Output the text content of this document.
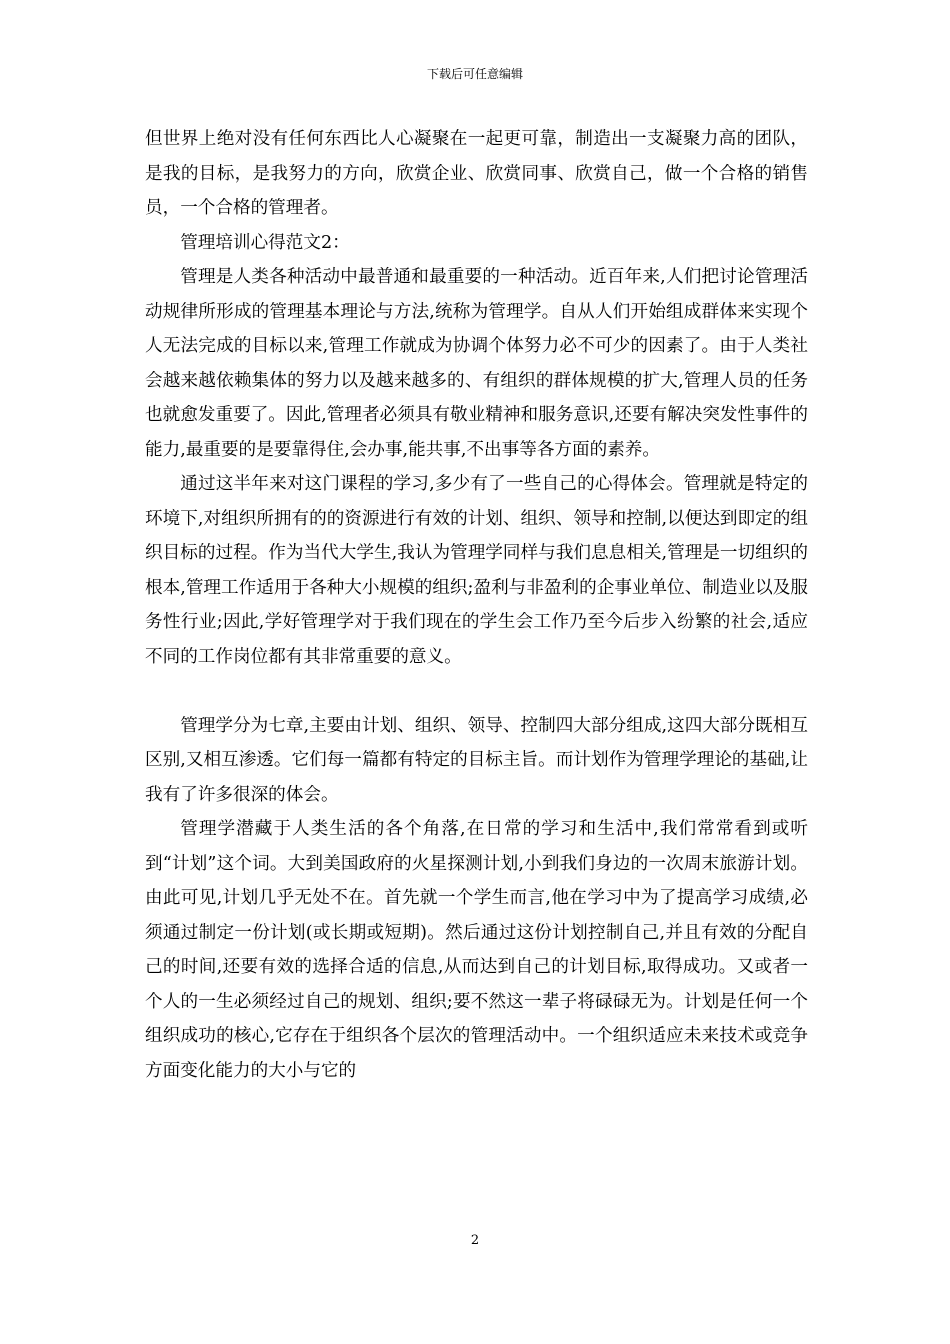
下载后可任意编辑

但世界上绝对没有任何东西比人心凝聚在一起更可靠，制造出一支凝聚力高的团队，是我的目标，是我努力的方向，欣赏企业、欣赏同事、欣赏自己，做一个合格的销售员，一个合格的管理者。

管理培训心得范文2：

管理是人类各种活动中最普通和最重要的一种活动。近百年来,人们把讨论管理活动规律所形成的管理基本理论与方法,统称为管理学。自从人们开始组成群体来实现个人无法完成的目标以来,管理工作就成为协调个体努力必不可少的因素了。由于人类社会越来越依赖集体的努力以及越来越多的、有组织的群体规模的扩大,管理人员的任务也就愈发重要了。因此,管理者必须具有敬业精神和服务意识,还要有解决突发性事件的能力,最重要的是要靠得住,会办事,能共事,不出事等各方面的素养。

通过这半年来对这门课程的学习,多少有了一些自己的心得体会。管理就是特定的环境下,对组织所拥有的的资源进行有效的计划、组织、领导和控制,以便达到即定的组织目标的过程。作为当代大学生,我认为管理学同样与我们息息相关,管理是一切组织的根本,管理工作适用于各种大小规模的组织;盈利与非盈利的企事业单位、制造业以及服务性行业;因此,学好管理学对于我们现在的学生会工作乃至今后步入纷繁的社会,适应不同的工作岗位都有其非常重要的意义。

管理学分为七章,主要由计划、组织、领导、控制四大部分组成,这四大部分既相互区别,又相互渗透。它们每一篇都有特定的目标主旨。而计划作为管理学理论的基础,让我有了许多很深的体会。

管理学潜藏于人类生活的各个角落,在日常的学习和生活中,我们常常看到或听到“计划”这个词。大到美国政府的火星探测计划,小到我们身边的一次周末旅游计划。由此可见,计划几乎无处不在。首先就一个学生而言,他在学习中为了提高学习成绩,必须通过制定一份计划(或长期或短期)。然后通过这份计划控制自己,并且有效的分配自己的时间,还要有效的选择合适的信息,从而达到自己的计划目标,取得成功。又或者一个人的一生必须经过自己的规划、组织;要不然这一辈子将碌碌无为。计划是任何一个组织成功的核心,它存在于组织各个层次的管理活动中。一个组织适应未来技术或竞争方面变化能力的大小与它的

2
